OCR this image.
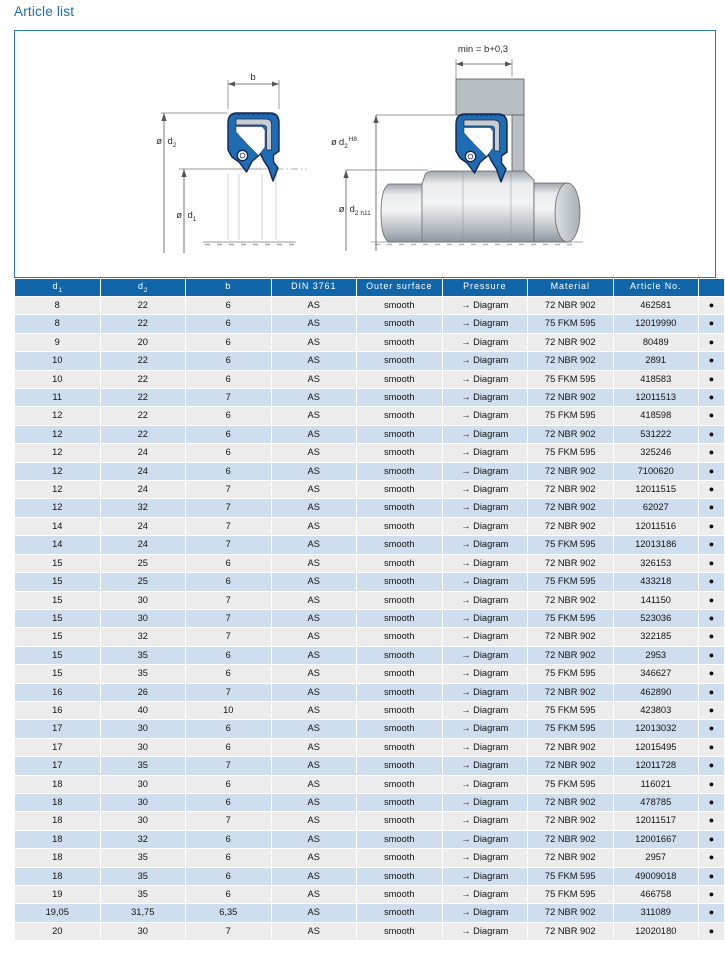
Article list
b
ø $d_2$
ø $d_1$
min = b+0,3
ø $d_2^{H8}$
ø $d_2$ h11
$d_1$	$d_2$	b	DIN 3761	Outer surface	Pressure	Material	Article No.	
8	22	6	AS	smooth	→ Diagram	72 NBR 902	462581	●
8	22	6	AS	smooth	→ Diagram	75 FKM 595	12019990	●
9	20	6	AS	smooth	→ Diagram	72 NBR 902	80489	●
10	22	6	AS	smooth	→ Diagram	72 NBR 902	2891	●
10	22	6	AS	smooth	→ Diagram	75 FKM 595	418583	●
11	22	7	AS	smooth	→ Diagram	72 NBR 902	12011513	●
12	22	6	AS	smooth	→ Diagram	75 FKM 595	418598	●
12	22	6	AS	smooth	→ Diagram	72 NBR 902	531222	●
12	24	6	AS	smooth	→ Diagram	75 FKM 595	325246	●
12	24	6	AS	smooth	→ Diagram	72 NBR 902	7100620	●
12	24	7	AS	smooth	→ Diagram	72 NBR 902	12011515	●
12	32	7	AS	smooth	→ Diagram	72 NBR 902	62027	●
14	24	7	AS	smooth	→ Diagram	72 NBR 902	12011516	●
14	24	7	AS	smooth	→ Diagram	75 FKM 595	12013186	●
15	25	6	AS	smooth	→ Diagram	72 NBR 902	326153	●
15	25	6	AS	smooth	→ Diagram	75 FKM 595	433218	●
15	30	7	AS	smooth	→ Diagram	72 NBR 902	141150	●
15	30	7	AS	smooth	→ Diagram	75 FKM 595	523036	●
15	32	7	AS	smooth	→ Diagram	72 NBR 902	322185	●
15	35	6	AS	smooth	→ Diagram	72 NBR 902	2953	●
15	35	6	AS	smooth	→ Diagram	75 FKM 595	346627	●
16	26	7	AS	smooth	→ Diagram	72 NBR 902	462890	●
16	40	10	AS	smooth	→ Diagram	75 FKM 595	423803	●
17	30	6	AS	smooth	→ Diagram	75 FKM 595	12013032	●
17	30	6	AS	smooth	→ Diagram	72 NBR 902	12015495	●
17	35	7	AS	smooth	→ Diagram	72 NBR 902	12011728	●
18	30	6	AS	smooth	→ Diagram	75 FKM 595	116021	●
18	30	6	AS	smooth	→ Diagram	72 NBR 902	478785	●
18	30	7	AS	smooth	→ Diagram	72 NBR 902	12011517	●
18	32	6	AS	smooth	→ Diagram	72 NBR 902	12001667	●
18	35	6	AS	smooth	→ Diagram	72 NBR 902	2957	●
18	35	6	AS	smooth	→ Diagram	75 FKM 595	49009018	●
19	35	6	AS	smooth	→ Diagram	75 FKM 595	466758	●
19,05	31,75	6,35	AS	smooth	→ Diagram	72 NBR 902	311089	●
20	30	7	AS	smooth	→ Diagram	72 NBR 902	12020180	●
